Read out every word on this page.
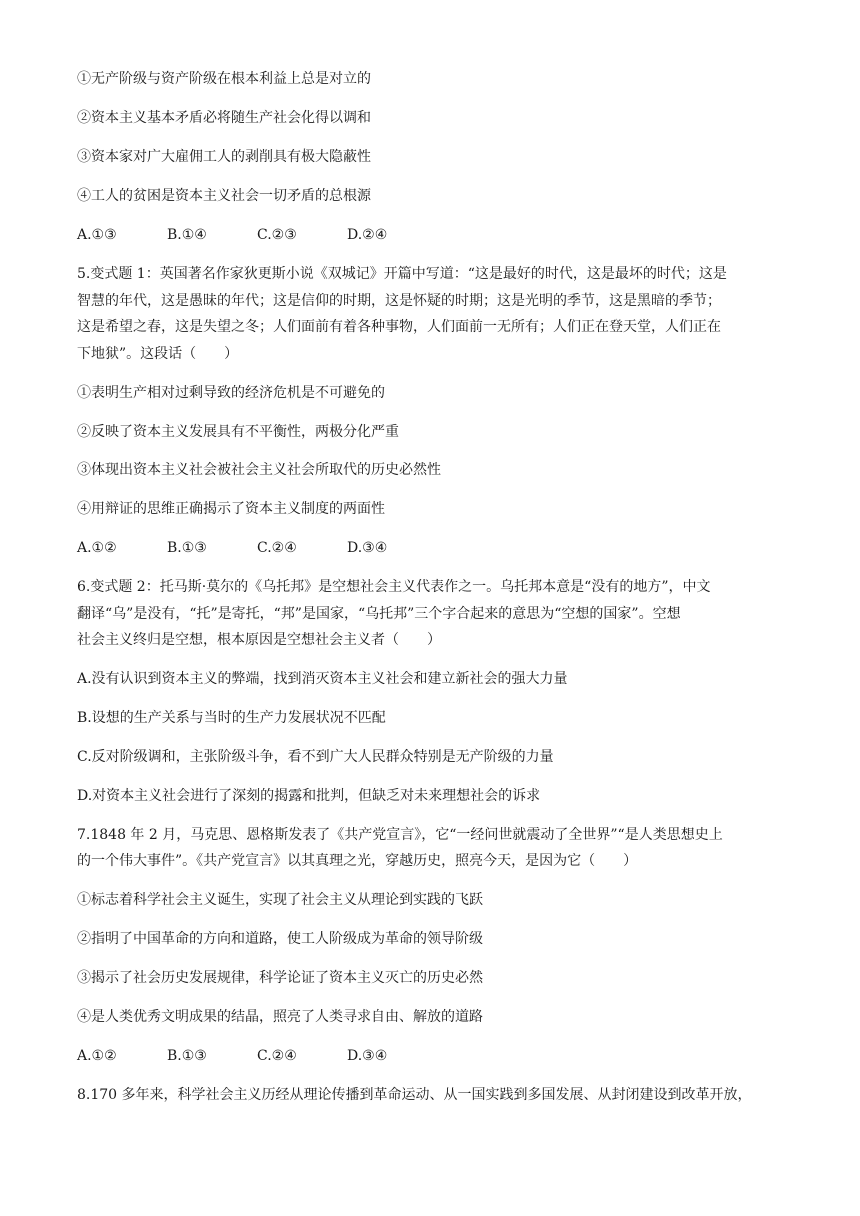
①无产阶级与资产阶级在根本利益上总是对立的
②资本主义基本矛盾必将随生产社会化得以调和
③资本家对广大雇佣工人的剥削具有极大隐蔽性
④工人的贫困是资本主义社会一切矛盾的总根源
A.①③	B.①④	C.②③	D.②④
5.变式题 1：英国著名作家狄更斯小说《双城记》开篇中写道：“这是最好的时代，这是最坏的时代；这是
智慧的年代，这是愚昧的年代；这是信仰的时期，这是怀疑的时期；这是光明的季节，这是黑暗的季节；
这是希望之春，这是失望之冬；人们面前有着各种事物，人们面前一无所有；人们正在登天堂，人们正在
下地狱”。这段话（　　）
①表明生产相对过剩导致的经济危机是不可避免的
②反映了资本主义发展具有不平衡性，两极分化严重
③体现出资本主义社会被社会主义社会所取代的历史必然性
④用辩证的思维正确揭示了资本主义制度的两面性
A.①②	B.①③	C.②④	D.③④
6.变式题 2：托马斯·莫尔的《乌托邦》是空想社会主义代表作之一。乌托邦本意是“没有的地方”，中文
翻译“乌”是没有，“托”是寄托，“邦”是国家，“乌托邦”三个字合起来的意思为“空想的国家”。空想
社会主义终归是空想，根本原因是空想社会主义者（　　）
A.没有认识到资本主义的弊端，找到消灭资本主义社会和建立新社会的强大力量
B.设想的生产关系与当时的生产力发展状况不匹配
C.反对阶级调和，主张阶级斗争，看不到广大人民群众特别是无产阶级的力量
D.对资本主义社会进行了深刻的揭露和批判，但缺乏对未来理想社会的诉求
7.1848 年 2 月，马克思、恩格斯发表了《共产党宣言》，它“一经问世就震动了全世界”“是人类思想史上
的一个伟大事件”。《共产党宣言》以其真理之光，穿越历史，照亮今天，是因为它（　　）
①标志着科学社会主义诞生，实现了社会主义从理论到实践的飞跃
②指明了中国革命的方向和道路，使工人阶级成为革命的领导阶级
③揭示了社会历史发展规律，科学论证了资本主义灭亡的历史必然
④是人类优秀文明成果的结晶，照亮了人类寻求自由、解放的道路
A.①②	B.①③	C.②④	D.③④
8.170 多年来，科学社会主义历经从理论传播到革命运动、从一国实践到多国发展、从封闭建设到改革开放，
